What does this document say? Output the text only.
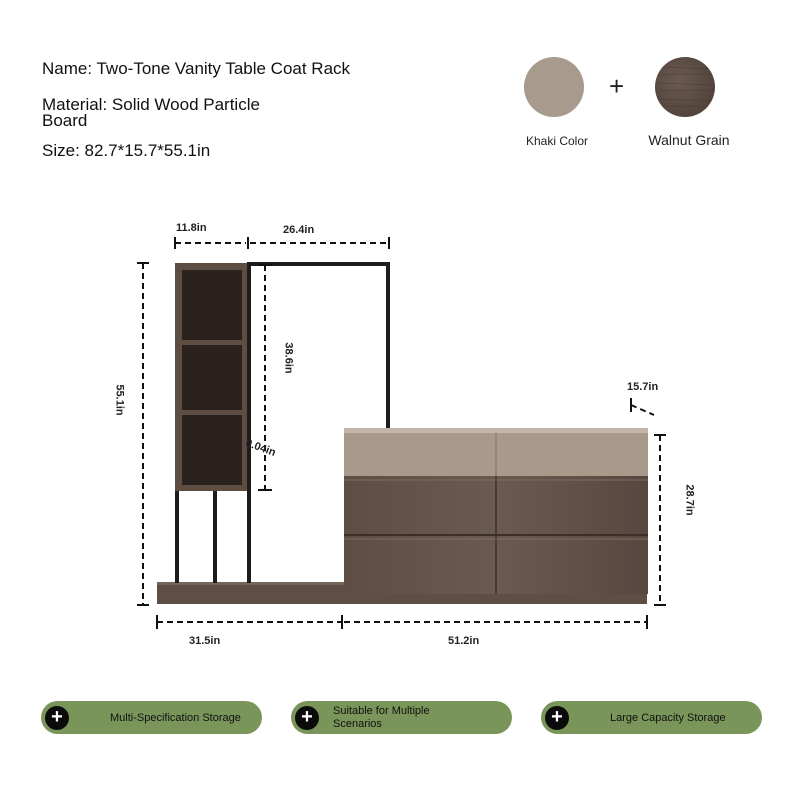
Name: Two-Tone Vanity Table Coat Rack
Material: Solid Wood Particle
Board
Size: 82.7*15.7*55.1in
+
Khaki Color	Walnut Grain
11.8in	26.4in
38.6in
55.1in	15.7in
0.04in
28.7in
31.5in	51.2in
+	Multi-Specification Storage	+	Suitable for Multiple
Scenarios	+	Large Capacity Storage
